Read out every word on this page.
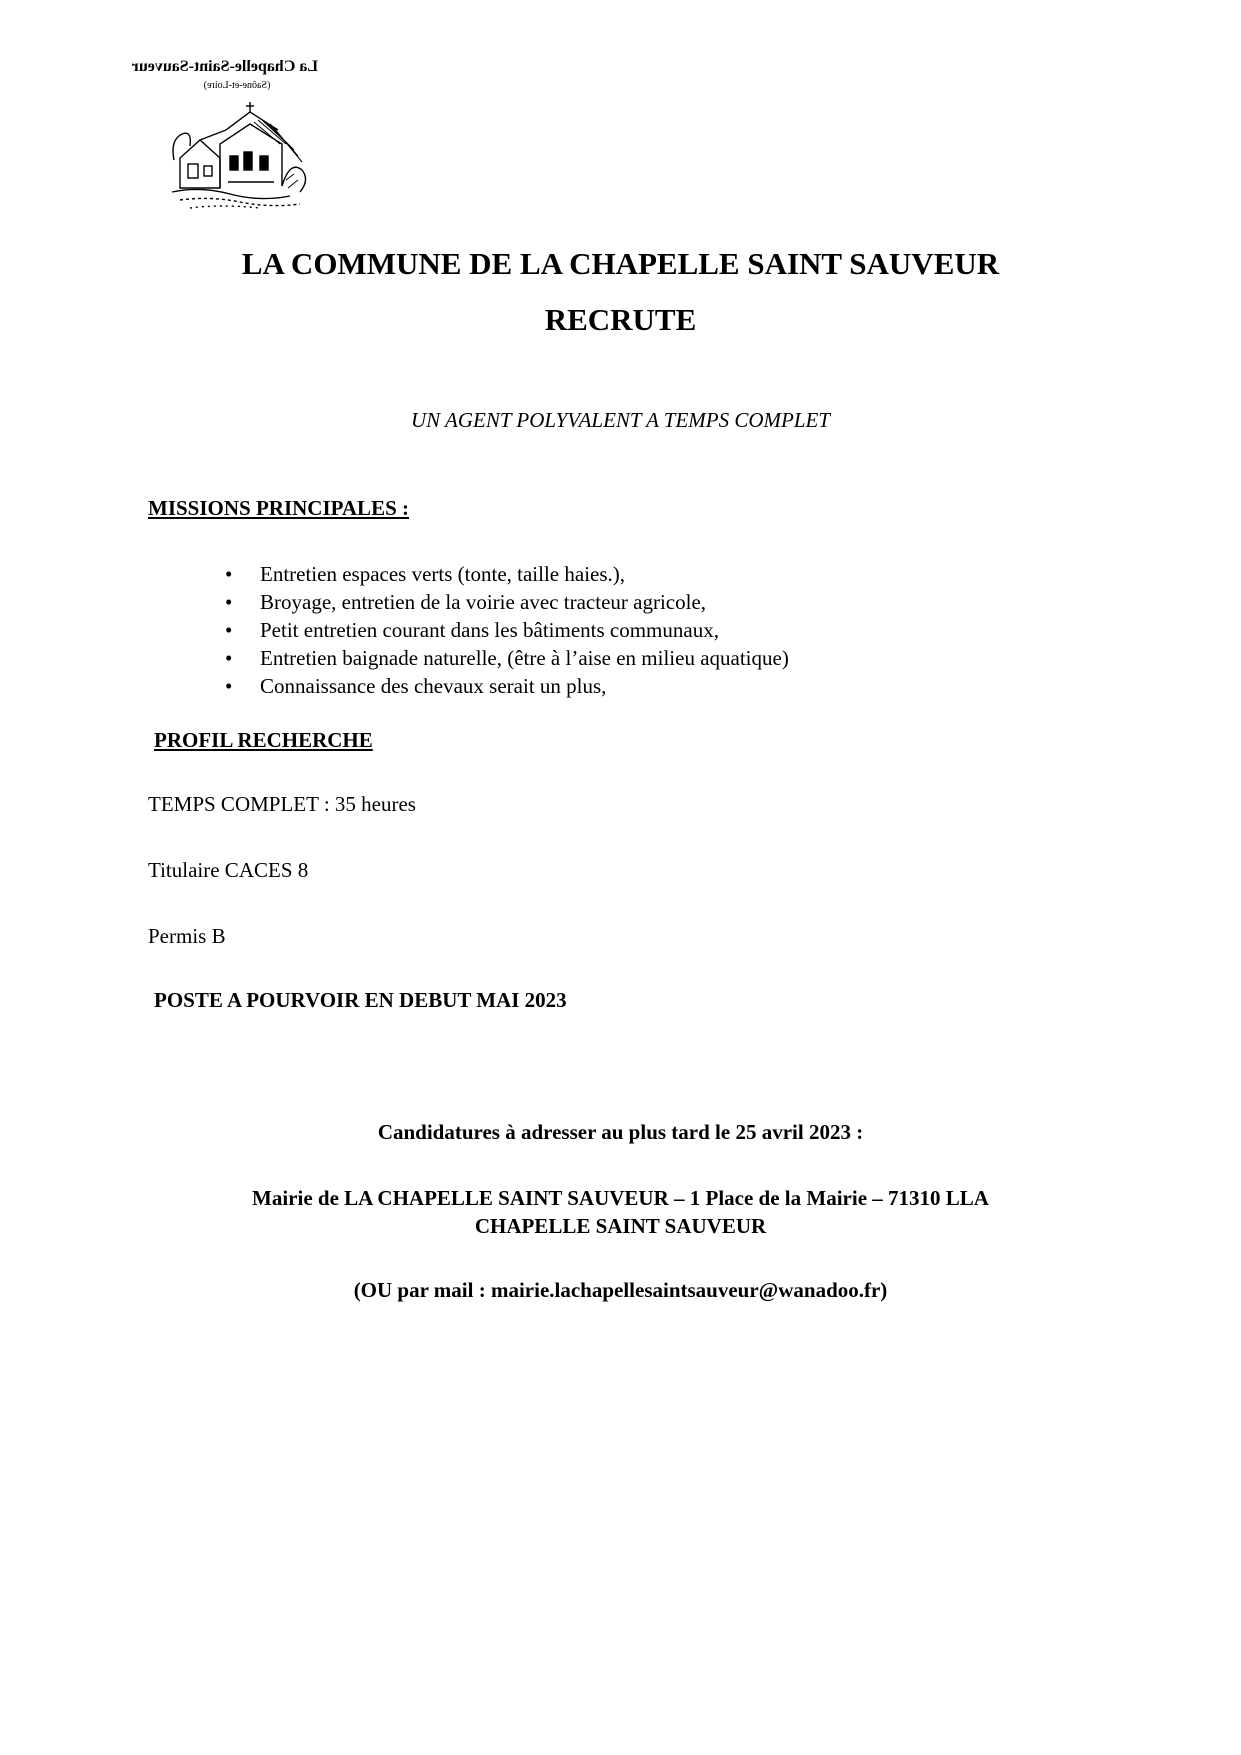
La Chapelle-Saint-Sauveur
(Saône-et-Loire)
LA COMMUNE DE LA CHAPELLE SAINT SAUVEUR
RECRUTE
UN AGENT POLYVALENT A TEMPS COMPLET
MISSIONS PRINCIPALES :
• Entretien espaces verts (tonte, taille haies.),
• Broyage, entretien de la voirie avec tracteur agricole,
• Petit entretien courant dans les bâtiments communaux,
• Entretien baignade naturelle, (être à l’aise en milieu aquatique)
• Connaissance des chevaux serait un plus,
PROFIL RECHERCHE
TEMPS COMPLET : 35 heures
Titulaire CACES 8
Permis B
POSTE A POURVOIR EN DEBUT MAI 2023
Candidatures à adresser au plus tard le 25 avril 2023 :
Mairie de LA CHAPELLE SAINT SAUVEUR – 1 Place de la Mairie – 71310 LLA
CHAPELLE SAINT SAUVEUR
(OU par mail : mairie.lachapellesaintsauveur@wanadoo.fr)
